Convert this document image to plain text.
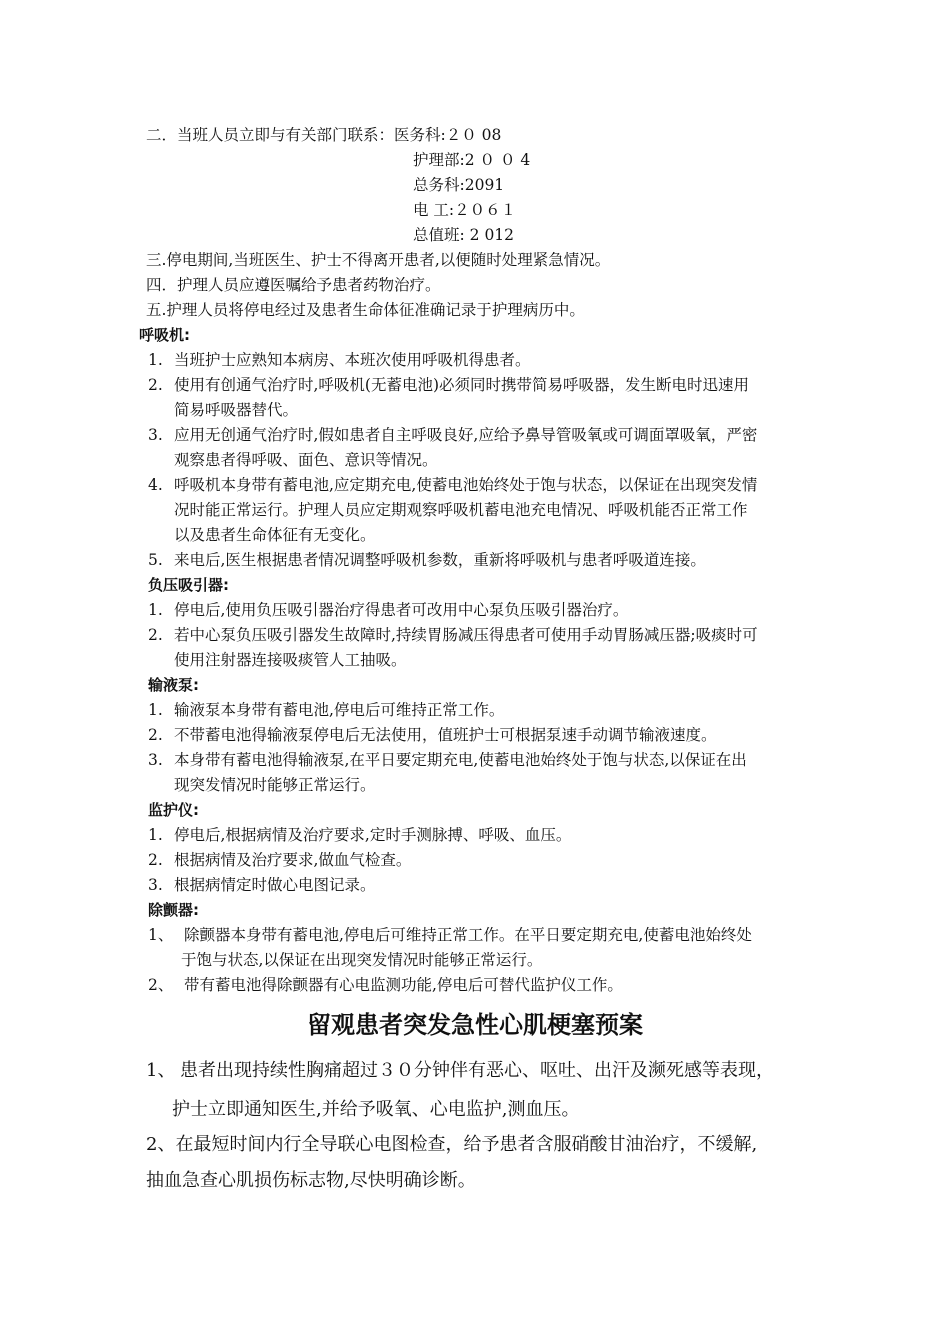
二．当班人员立即与有关部门联系：医务科:２０ 08
护理部:2 ０ ０ 4
总务科:2091
电 工:２０６１
总值班: 2 012
三.停电期间,当班医生、护士不得离开患者,以便随时处理紧急情况。
四．护理人员应遵医嘱给予患者药物治疗。
五.护理人员将停电经过及患者生命体征准确记录于护理病历中。
呼吸机:
1. 当班护士应熟知本病房、本班次使用呼吸机得患者。
2. 使用有创通气治疗时,呼吸机(无蓄电池)必须同时携带简易呼吸器，发生断电时迅速用
简易呼吸器替代。
3. 应用无创通气治疗时,假如患者自主呼吸良好,应给予鼻导管吸氧或可调面罩吸氧，严密
观察患者得呼吸、面色、意识等情况。
4. 呼吸机本身带有蓄电池,应定期充电,使蓄电池始终处于饱与状态，以保证在出现突发情
况时能正常运行。护理人员应定期观察呼吸机蓄电池充电情况、呼吸机能否正常工作
以及患者生命体征有无变化。
5. 来电后,医生根据患者情况调整呼吸机参数，重新将呼吸机与患者呼吸道连接。
负压吸引器:
1. 停电后,使用负压吸引器治疗得患者可改用中心泵负压吸引器治疗。
2. 若中心泵负压吸引器发生故障时,持续胃肠减压得患者可使用手动胃肠减压器;吸痰时可
使用注射器连接吸痰管人工抽吸。
输液泵:
1. 输液泵本身带有蓄电池,停电后可维持正常工作。
2. 不带蓄电池得输液泵停电后无法使用，值班护士可根据泵速手动调节输液速度。
3. 本身带有蓄电池得输液泵,在平日要定期充电,使蓄电池始终处于饱与状态,以保证在出
现突发情况时能够正常运行。
监护仪:
1. 停电后,根据病情及治疗要求,定时手测脉搏、呼吸、血压。
2. 根据病情及治疗要求,做血气检查。
3. 根据病情定时做心电图记录。
除颤器:
1、 除颤器本身带有蓄电池,停电后可维持正常工作。在平日要定期充电,使蓄电池始终处
于饱与状态,以保证在出现突发情况时能够正常运行。
2、 带有蓄电池得除颤器有心电监测功能,停电后可替代监护仪工作。
留观患者突发急性心肌梗塞预案
1、 患者出现持续性胸痛超过３０分钟伴有恶心、呕吐、出汗及濒死感等表现，
护士立即通知医生,并给予吸氧、心电监护,测血压。
2、在最短时间内行全导联心电图检查，给予患者含服硝酸甘油治疗，不缓解,
抽血急查心肌损伤标志物,尽快明确诊断。
